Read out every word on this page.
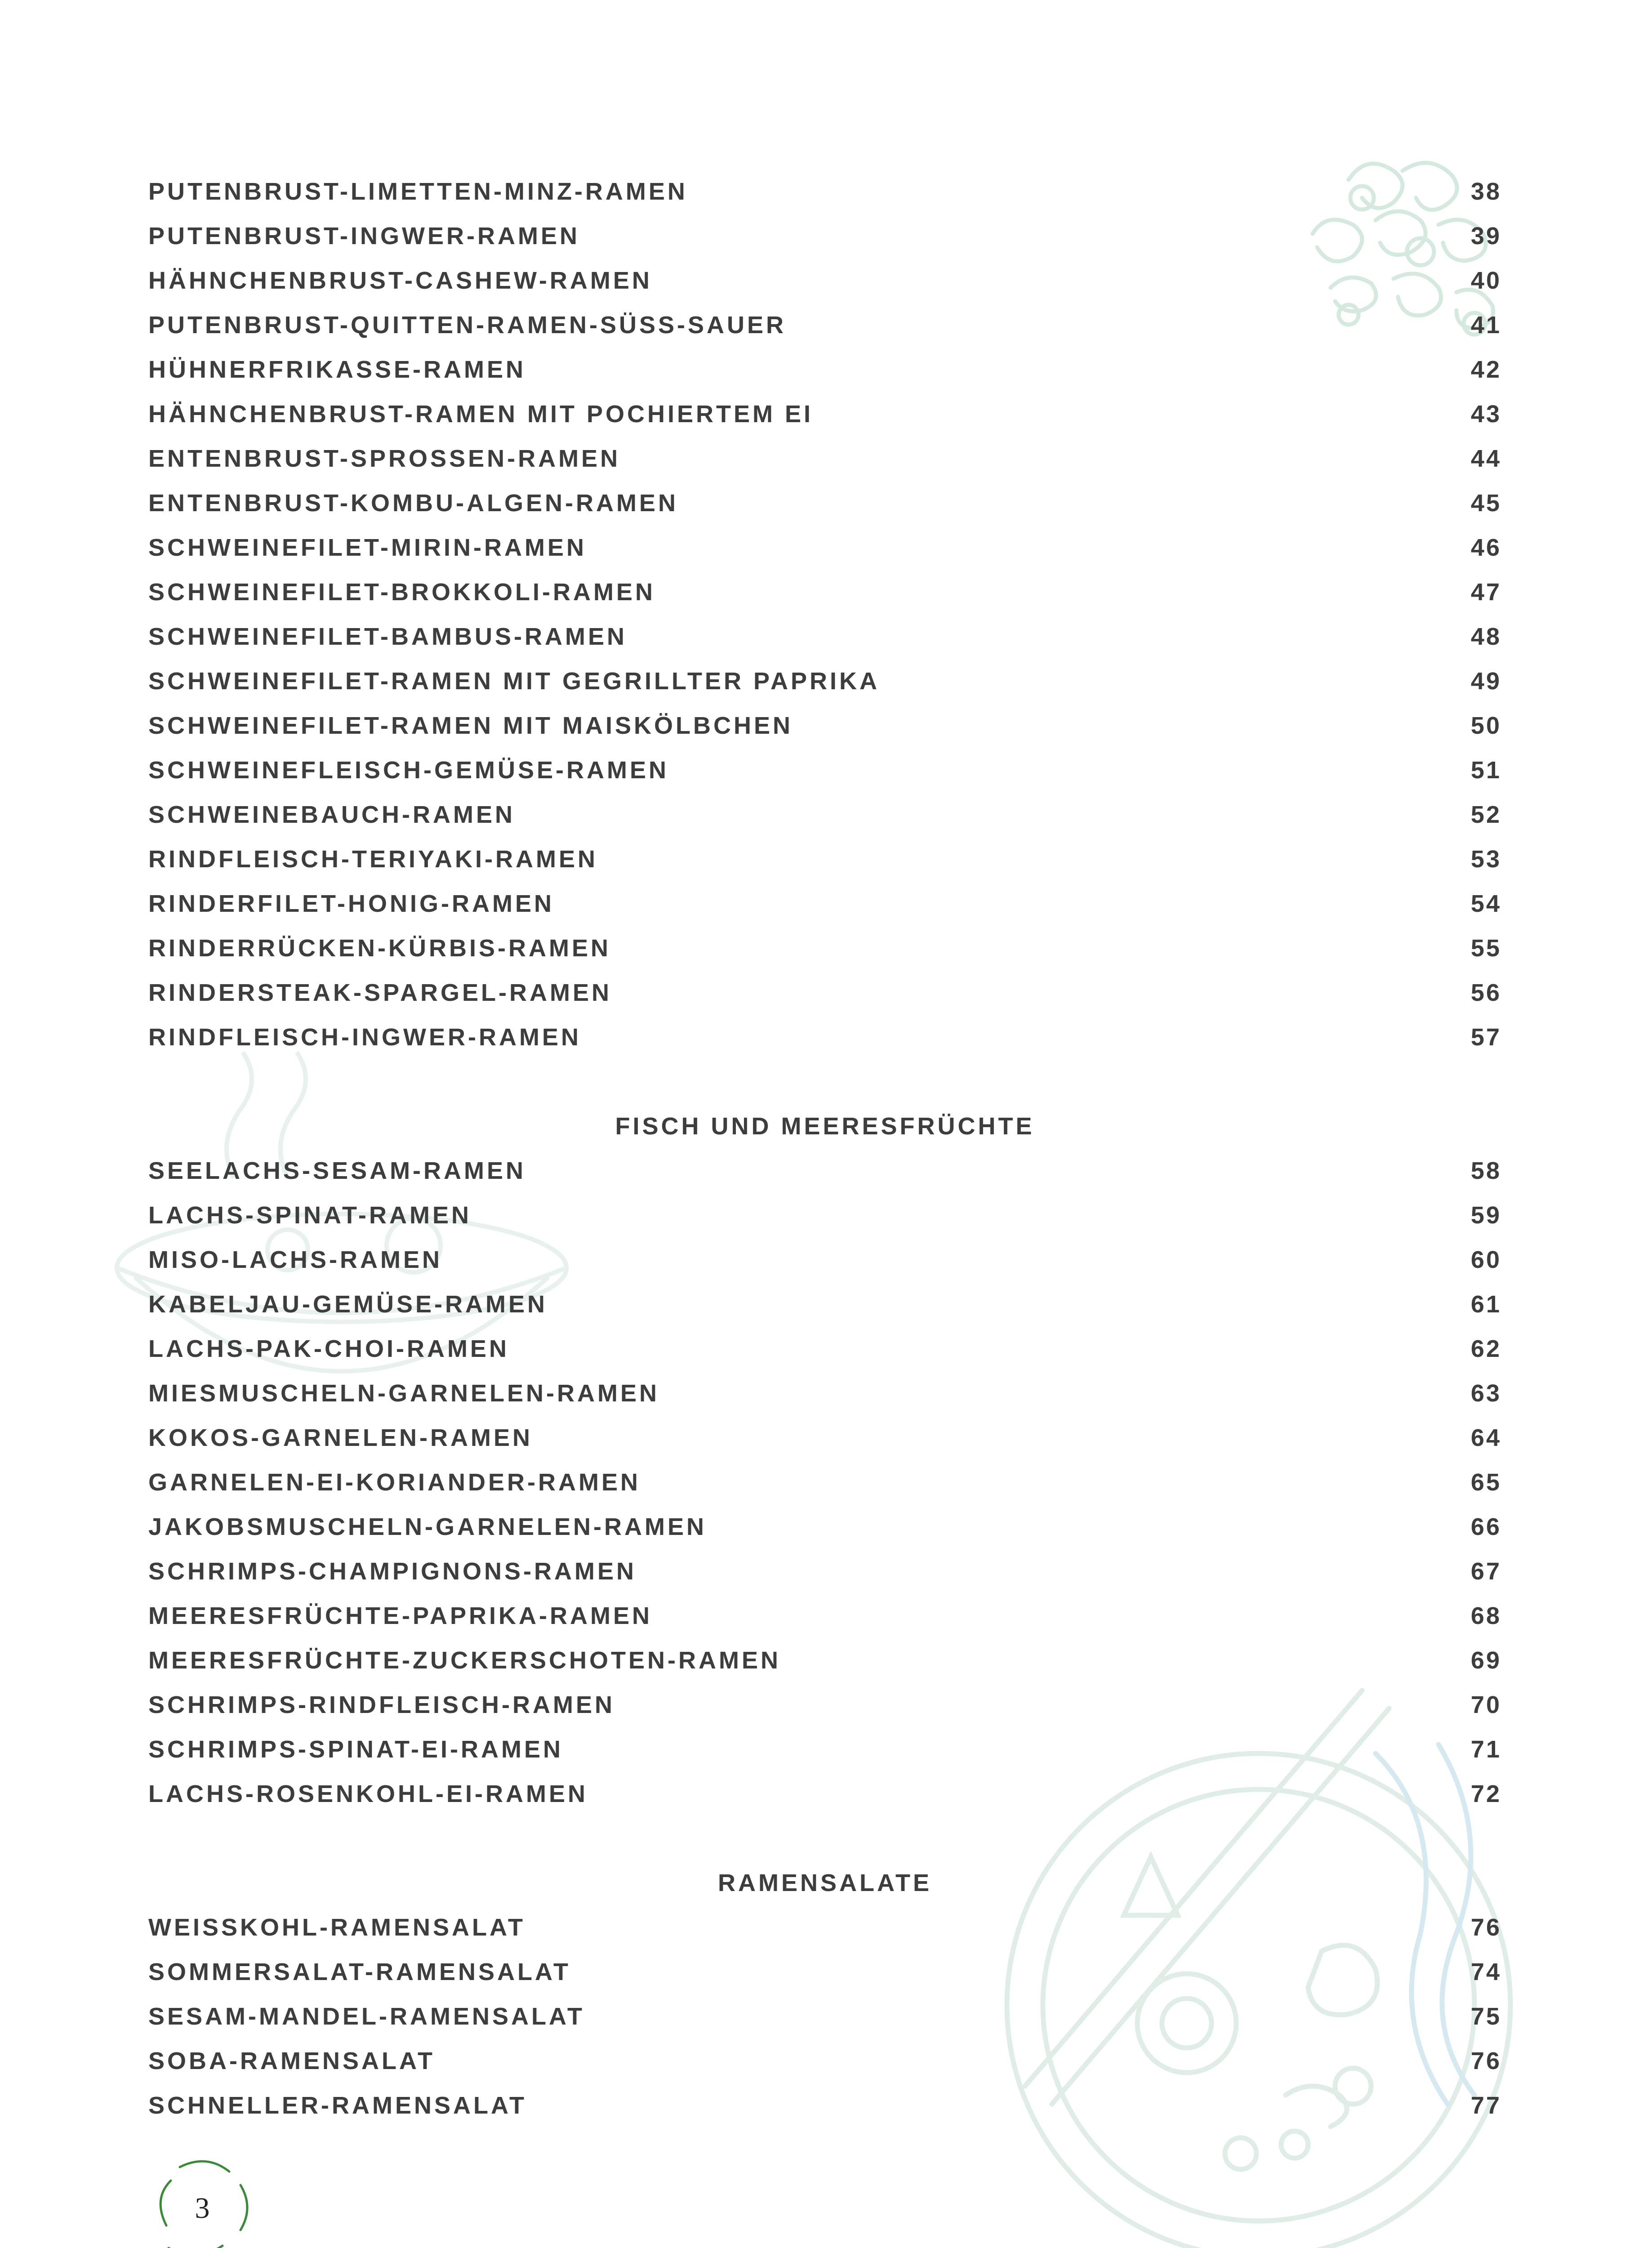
PUTENBRUST-LIMETTEN-MINZ-RAMEN	38
PUTENBRUST-INGWER-RAMEN	39
HÄHNCHENBRUST-CASHEW-RAMEN	40
PUTENBRUST-QUITTEN-RAMEN-SÜSS-SAUER	41
HÜHNERFRIKASSE-RAMEN	42
HÄHNCHENBRUST-RAMEN MIT POCHIERTEM EI	43
ENTENBRUST-SPROSSEN-RAMEN	44
ENTENBRUST-KOMBU-ALGEN-RAMEN	45
SCHWEINEFILET-MIRIN-RAMEN	46
SCHWEINEFILET-BROKKOLI-RAMEN	47
SCHWEINEFILET-BAMBUS-RAMEN	48
SCHWEINEFILET-RAMEN MIT GEGRILLTER PAPRIKA	49
SCHWEINEFILET-RAMEN MIT MAISKÖLBCHEN	50
SCHWEINEFLEISCH-GEMÜSE-RAMEN	51
SCHWEINEBAUCH-RAMEN	52
RINDFLEISCH-TERIYAKI-RAMEN	53
RINDERFILET-HONIG-RAMEN	54
RINDERRÜCKEN-KÜRBIS-RAMEN	55
RINDERSTEAK-SPARGEL-RAMEN	56
RINDFLEISCH-INGWER-RAMEN	57
FISCH UND MEERESFRÜCHTE
SEELACHS-SESAM-RAMEN	58
LACHS-SPINAT-RAMEN	59
MISO-LACHS-RAMEN	60
KABELJAU-GEMÜSE-RAMEN	61
LACHS-PAK-CHOI-RAMEN	62
MIESMUSCHELN-GARNELEN-RAMEN	63
KOKOS-GARNELEN-RAMEN	64
GARNELEN-EI-KORIANDER-RAMEN	65
JAKOBSMUSCHELN-GARNELEN-RAMEN	66
SCHRIMPS-CHAMPIGNONS-RAMEN	67
MEERESFRÜCHTE-PAPRIKA-RAMEN	68
MEERESFRÜCHTE-ZUCKERSCHOTEN-RAMEN	69
SCHRIMPS-RINDFLEISCH-RAMEN	70
SCHRIMPS-SPINAT-EI-RAMEN	71
LACHS-ROSENKOHL-EI-RAMEN	72
RAMENSALATE
WEISSKOHL-RAMENSALAT	76
SOMMERSALAT-RAMENSALAT	74
SESAM-MANDEL-RAMENSALAT	75
SOBA-RAMENSALAT	76
SCHNELLER-RAMENSALAT	77
3
